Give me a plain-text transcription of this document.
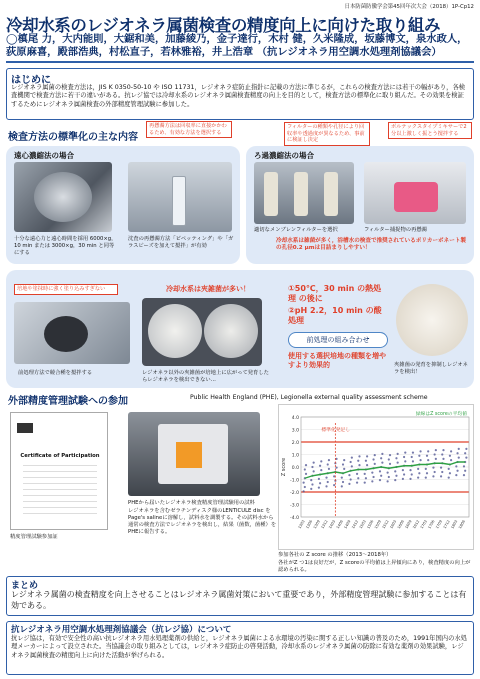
日本防菌防黴学会第45回年次大会（2018）1P-Cp12
冷却水系のレジオネラ属菌検査の精度向上に向けた取り組み
◯槙尾 力，大内能則，大鋸和美，加藤綾乃，金子達行，木村 健，久米隆成，坂藤博文，泉水政人，
荻原麻喜，殿部浩典，村松直子，若林雅裕，井上浩章 （抗レジオネラ用空調水処理剤協議会）
はじめに
レジオネラ属菌の検査方法は，JIS K 0350-50-10 や ISO 11731，レジオネラ症防止指針に記載の方法に準じるが，これらの検査方法には若干の幅があり，各検査機関で検査方法に若干の違いがある。抗レジ協では冷却水系のレジオネラ属菌検査精度の向上を目的として，検査方法の標準化に取り組んだ。その効果を検証するためにレジオネラ属菌検査の外部精度管理試験に参加した。
検査方法の標準化の主な内容
再懸濁方法は回収率に直接かかわるため、有効な方法を選択する
フィルターの種類や孔径により回収率や透過度が異なるため、事前に検証し決定
ボルテックスタイプミキサーで2分以上激しく振とう撹拌する
遠心濃縮法の場合
十分な遠心力と遠心時間を採用 6000×g，10 min または 3000×g，30 min と同等にする
沈査の再懸濁方法「ピペッティング」や「ガラスビーズを加えて撹拌」が有効
ろ過濃縮法の場合
適切なメンブレンフィルターを選択	フィルター捕捉物の再懸濁
冷却水系は雑菌が多く，浴槽水の検査で推奨されているポリカーボネート製の孔径0.2 μmは目詰まりしやすい！
培地や塗抹時に強く塗り込みすぎない
前処理方法で競合種を撹拌する
冷却水系は夾雑菌が多い！
レジオネラ以外の夾雑菌が培地上に広がって発育したらレジオネラを検出できない…
①50℃，30 min の熱処理 の後に
②pH 2.2，10 min の酸処理
前処理の組み合わせ
使用する選択培地の種類を増やすより効果的	夾雑菌の発育を抑制しレジオネラを検出！
外部精度管理試験への参加	Public Health England (PHE), Legionella external quality assessment scheme
Certificate of Participation
精度管理試験参加証
PHEから届いたレジオネラ検査精度管理試験用の試料
レジオネラを含むゼラチンディスク様のLENTICULE disc をPage's salineに溶解し，試料水を調製する。その試料水から通常の検査方法でレジオネラを検出し，結果（菌数，菌種）をPHEに報告する。
4.0
3.0
2.0
1.0
0.0
-1.0
-2.0
-3.0
-4.0
Z score
標準化発足し
緑線はZ scoreの平均値
1303 1306 1309 1312 1403 1406 1409 1412 1503 1506 1509 1512 1603 1606 1609 1612 1703 1706 1709 1712 1803 1806
参加各社の Z score の推移（2013〜2018年）
各社がZ つ1は良好だが，Z scoreの平均値は上昇傾向にあり，検査精度の向上が認められる。
まとめ
レジオネラ属菌の検査精度を向上させることはレジオネラ属菌対策において重要であり，外部精度管理試験に参加することは有効である。
抗レジオネラ用空調水処理剤協議会（抗レジ協）について
抗レジ協は，有効で安全性の高い抗レジオネラ用水処理薬剤の供給と，レジオネラ属菌による水環境の汚染に関する正しい知識の普及のため，1991年国内の水処理メーカーによって設立された。当協議会の取り組みとしては，レジオネラ症防止の啓発活動，冷却水系のレジオネラ属菌の防除に有効な薬剤の効果試験，レジオネラ属菌検査の精度向上に向けた活動が挙げられる。
